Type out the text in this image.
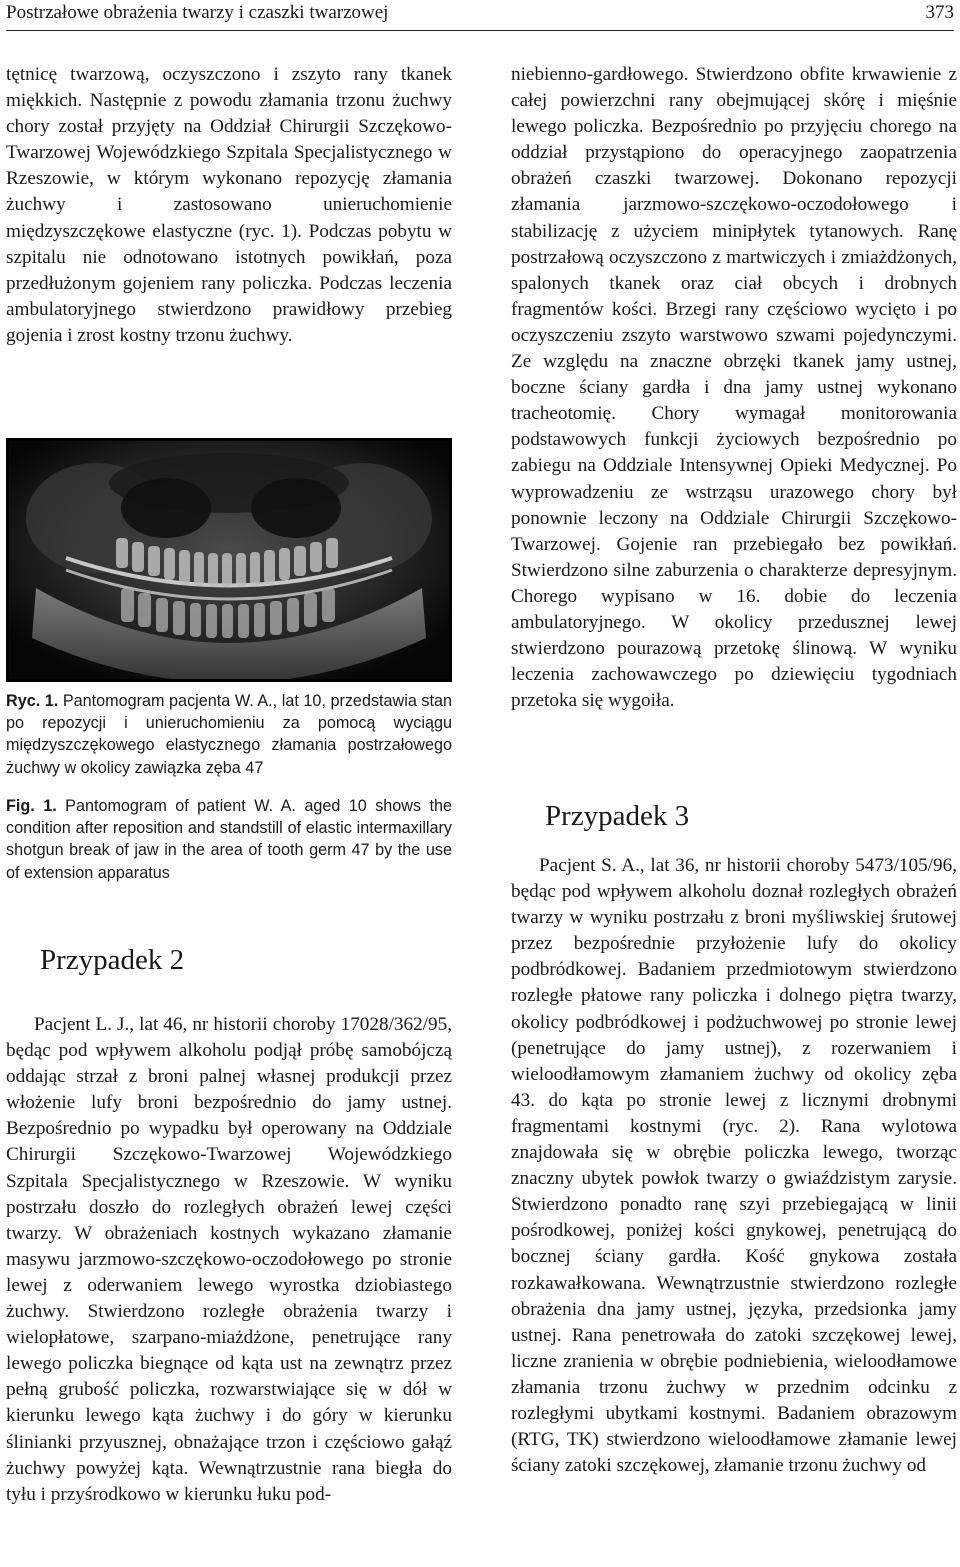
Postrzałowe obrażenia twarzy i czaszki twarzowej	373

tętnicę twarzową, oczyszczono i zszyto rany tkanek miękkich. Następnie z powodu złamania trzonu żuchwy chory został przyjęty na Oddział Chirurgii Szczękowo-Twarzowej Wojewódzkiego Szpitala Specjalistycznego w Rzeszowie, w którym wykonano repozycję złamania żuchwy i zastosowano unieruchomienie międzyszczękowe elastyczne (ryc. 1). Podczas pobytu w szpitalu nie odnotowano istotnych powikłań, poza przedłużonym gojeniem rany policzka. Podczas leczenia ambulatoryjnego stwierdzono prawidłowy przebieg gojenia i zrost kostny trzonu żuchwy.

Ryc. 1. Pantomogram pacjenta W. A., lat 10, przedstawia stan po repozycji i unieruchomieniu za pomocą wyciągu międzyszczękowego elastycznego złamania postrzałowego żuchwy w okolicy zawiązka zęba 47

Fig. 1. Pantomogram of patient W. A. aged 10 shows the condition after reposition and standstill of elastic intermaxillary shotgun break of jaw in the area of tooth germ 47 by the use of extension apparatus

Przypadek 2

Pacjent L. J., lat 46, nr historii choroby 17028/362/95, będąc pod wpływem alkoholu podjął próbę samobójczą oddając strzał z broni palnej własnej produkcji przez włożenie lufy broni bezpośrednio do jamy ustnej. Bezpośrednio po wypadku był operowany na Oddziale Chirurgii Szczękowo-Twarzowej Wojewódzkiego Szpitala Specjalistycznego w Rzeszowie. W wyniku postrzału doszło do rozległych obrażeń lewej części twarzy. W obrażeniach kostnych wykazano złamanie masywu jarzmowo-szczękowo-oczodołowego po stronie lewej z oderwaniem lewego wyrostka dziobiastego żuchwy. Stwierdzono rozległe obrażenia twarzy i wielopłatowe, szarpano-miażdżone, penetrujące rany lewego policzka biegnące od kąta ust na zewnątrz przez pełną grubość policzka, rozwarstwiające się w dół w kierunku lewego kąta żuchwy i do góry w kierunku ślinianki przyusznej, obnażające trzon i częściowo gałąź żuchwy powyżej kąta. Wewnątrzustnie rana biegła do tyłu i przyśrodkowo w kierunku łuku pod-

niebienno-gardłowego. Stwierdzono obfite krwawienie z całej powierzchni rany obejmującej skórę i mięśnie lewego policzka. Bezpośrednio po przyjęciu chorego na oddział przystąpiono do operacyjnego zaopatrzenia obrażeń czaszki twarzowej. Dokonano repozycji złamania jarzmowo-szczękowo-oczodołowego i stabilizację z użyciem minipłytek tytanowych. Ranę postrzałową oczyszczono z martwiczych i zmiażdżonych, spalonych tkanek oraz ciał obcych i drobnych fragmentów kości. Brzegi rany częściowo wycięto i po oczyszczeniu zszyto warstwowo szwami pojedynczymi. Ze względu na znaczne obrzęki tkanek jamy ustnej, boczne ściany gardła i dna jamy ustnej wykonano tracheotomię. Chory wymagał monitorowania podstawowych funkcji życiowych bezpośrednio po zabiegu na Oddziale Intensywnej Opieki Medycznej. Po wyprowadzeniu ze wstrząsu urazowego chory był ponownie leczony na Oddziale Chirurgii Szczękowo-Twarzowej. Gojenie ran przebiegało bez powikłań. Stwierdzono silne zaburzenia o charakterze depresyjnym. Chorego wypisano w 16. dobie do leczenia ambulatoryjnego. W okolicy przedusznej lewej stwierdzono pourazową przetokę ślinową. W wyniku leczenia zachowawczego po dziewięciu tygodniach przetoka się wygoiła.

Przypadek 3

Pacjent S. A., lat 36, nr historii choroby 5473/105/96, będąc pod wpływem alkoholu doznał rozległych obrażeń twarzy w wyniku postrzału z broni myśliwskiej śrutowej przez bezpośrednie przyłożenie lufy do okolicy podbródkowej. Badaniem przedmiotowym stwierdzono rozległe płatowe rany policzka i dolnego piętra twarzy, okolicy podbródkowej i podżuchwowej po stronie lewej (penetrujące do jamy ustnej), z rozerwaniem i wieloodłamowym złamaniem żuchwy od okolicy zęba 43. do kąta po stronie lewej z licznymi drobnymi fragmentami kostnymi (ryc. 2). Rana wylotowa znajdowała się w obrębie policzka lewego, tworząc znaczny ubytek powłok twarzy o gwiaździstym zarysie. Stwierdzono ponadto ranę szyi przebiegającą w linii pośrodkowej, poniżej kości gnykowej, penetrującą do bocznej ściany gardła. Kość gnykowa została rozkawałkowana. Wewnątrzustnie stwierdzono rozległe obrażenia dna jamy ustnej, języka, przedsionka jamy ustnej. Rana penetrowała do zatoki szczękowej lewej, liczne zranienia w obrębie podniebienia, wieloodłamowe złamania trzonu żuchwy w przednim odcinku z rozległymi ubytkami kostnymi. Badaniem obrazowym (RTG, TK) stwierdzono wieloodłamowe złamanie lewej ściany zatoki szczękowej, złamanie trzonu żuchwy od
